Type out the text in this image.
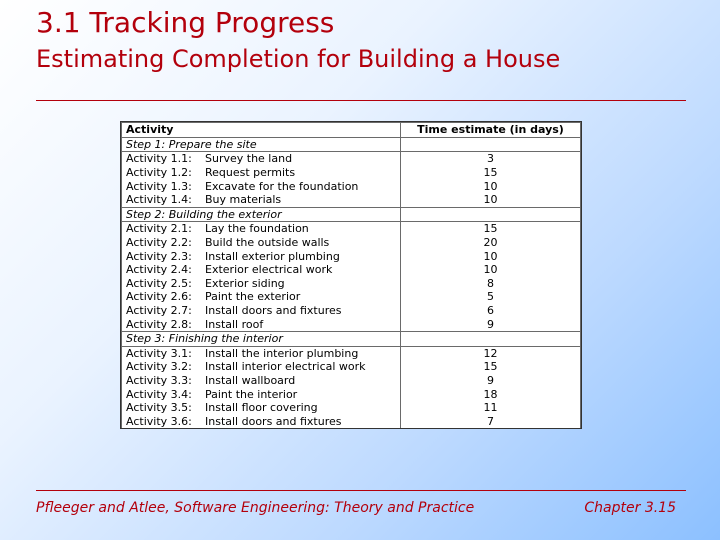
3.1 Tracking Progress
Estimating Completion for Building a House
Activity	Time estimate (in days)
Step 1: Prepare the site	
Activity 1.1: Survey the land	3
Activity 1.2: Request permits	15
Activity 1.3: Excavate for the foundation	10
Activity 1.4: Buy materials	10
Step 2: Building the exterior	
Activity 2.1: Lay the foundation	15
Activity 2.2: Build the outside walls	20
Activity 2.3: Install exterior plumbing	10
Activity 2.4: Exterior electrical work	10
Activity 2.5: Exterior siding	8
Activity 2.6: Paint the exterior	5
Activity 2.7: Install doors and fixtures	6
Activity 2.8: Install roof	9
Step 3: Finishing the interior	
Activity 3.1: Install the interior plumbing	12
Activity 3.2: Install interior electrical work	15
Activity 3.3: Install wallboard	9
Activity 3.4: Paint the interior	18
Activity 3.5: Install floor covering	11
Activity 3.6: Install doors and fixtures	7
Pfleeger and Atlee, Software Engineering: Theory and Practice	Chapter 3.15
